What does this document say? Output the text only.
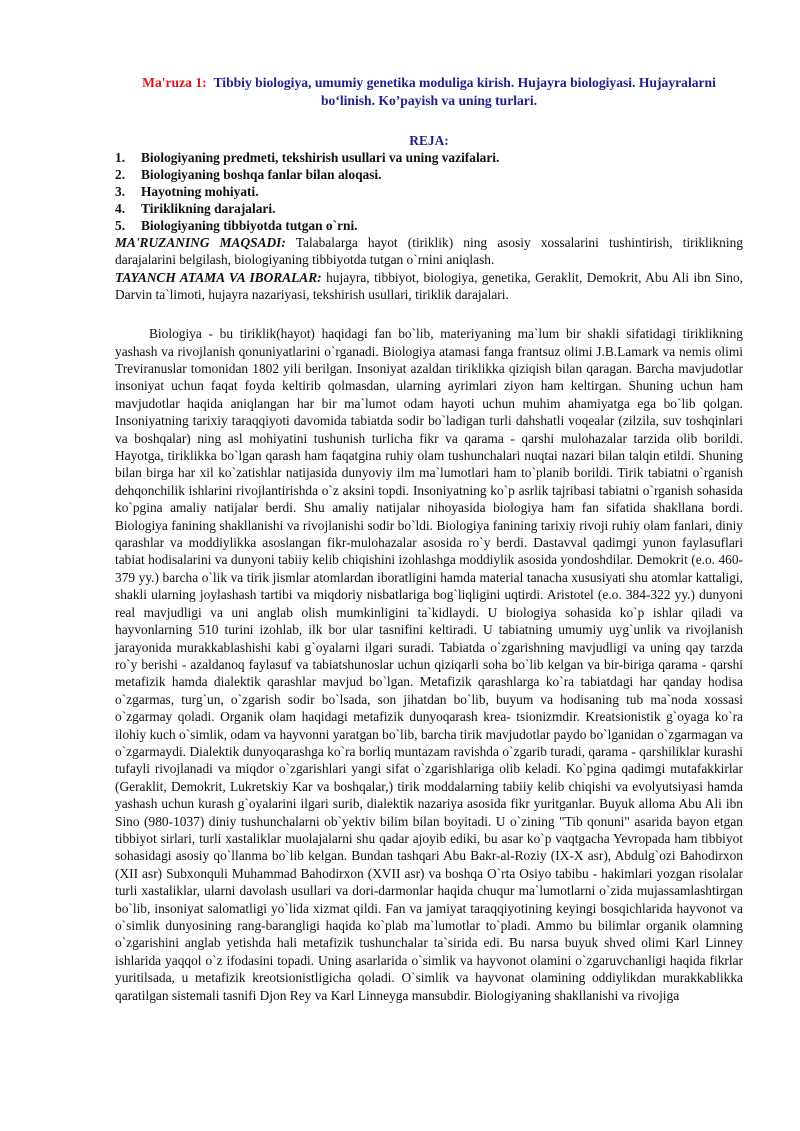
Ma'ruza 1: Tibbiy biologiya, umumiy genetika moduliga kirish. Hujayra biologiyasi. Hujayralarni bo‘linish. Ko’payish va uning turlari.

REJA:

1.	Biologiyaning predmeti, tekshirish usullari va uning vazifalari.
2.	Biologiyaning boshqa fanlar bilan aloqasi.
3.	Hayotning mohiyati.
4.	Tiriklikning darajalari.
5.	Biologiyaning tibbiyotda tutgan o`rni.

MA'RUZANING MAQSADI: Talabalarga hayot (tiriklik) ning asosiy xossalarini tushintirish, tiriklikning darajalarini belgilash, biologiyaning tibbiyotda tutgan o`rnini aniqlash.

TAYANCH ATAMA VA IBORALAR: hujayra, tibbiyot, biologiya, genetika, Geraklit, Demokrit, Abu Ali ibn Sino, Darvin ta`limoti, hujayra nazariyasi, tekshirish usullari, tiriklik darajalari.

Biologiya - bu tiriklik(hayot) haqidagi fan bo`lib, materiyaning ma`lum bir shakli sifatidagi tiriklikning yashash va rivojlanish qonuniyatlarini o`rganadi. Biologiya atamasi fanga frantsuz olimi J.B.Lamark va nemis olimi Treviranuslar tomonidan 1802 yili berilgan. Insoniyat azaldan tiriklikka qiziqish bilan qaragan. Barcha mavjudotlar insoniyat uchun faqat foyda keltirib qolmasdan, ularning ayrimlari ziyon ham keltirgan. Shuning uchun ham mavjudotlar haqida aniqlangan har bir ma`lumot odam hayoti uchun muhim ahamiyatga ega bo`lib qolgan. Insoniyatning tarixiy taraqqiyoti davomida tabiatda sodir bo`ladigan turli dahshatli voqealar (zilzila, suv toshqinlari va boshqalar) ning asl mohiyatini tushunish turlicha fikr va qarama - qarshi mulohazalar tarzida olib borildi. Hayotga, tiriklikka bo`lgan qarash ham faqatgina ruhiy olam tushunchalari nuqtai nazari bilan talqin etildi. Shuning bilan birga har xil ko`zatishlar natijasida dunyoviy ilm ma`lumotlari ham to`planib borildi. Tirik tabiatni o`rganish dehqonchilik ishlarini rivojlantirishda o`z aksini topdi. Insoniyatning ko`p asrlik tajribasi tabiatni o`rganish sohasida ko`pgina amaliy natijalar berdi. Shu amaliy natijalar nihoyasida biologiya ham fan sifatida shakllana bordi. Biologiya fanining shakllanishi va rivojlanishi sodir bo`ldi. Biologiya fanining tarixiy rivoji ruhiy olam fanlari, diniy qarashlar va moddiylikka asoslangan fikr-mulohazalar asosida ro`y berdi. Dastavval qadimgi yunon faylasuflari tabiat hodisalarini va dunyoni tabiiy kelib chiqishini izohlashga moddiylik asosida yondoshdilar. Demokrit (e.o. 460-379 yy.) barcha o`lik va tirik jismlar atomlardan iboratligini hamda material tanacha xususiyati shu atomlar kattaligi, shakli ularning joylashash tartibi va miqdoriy nisbatlariga bog`liqligini uqtirdi. Aristotel (e.o. 384-322 yy.) dunyoni real mavjudligi va uni anglab olish mumkinligini ta`kidlaydi. U biologiya sohasida ko`p ishlar qiladi va hayvonlarning 510 turini izohlab, ilk bor ular tasnifini keltiradi. U tabiatning umumiy uyg`unlik va rivojlanish jarayonida murakkablashishi kabi g`oyalarni ilgari suradi. Tabiatda o`zgarishning mavjudligi va uning qay tarzda ro`y berishi - azaldanoq faylasuf va tabiatshunoslar uchun qiziqarli soha bo`lib kelgan va bir-biriga qarama - qarshi metafizik hamda dialektik qarashlar mavjud bo`lgan. Metafizik qarashlarga ko`ra tabiatdagi har qanday hodisa o`zgarmas, turg`un, o`zgarish sodir bo`lsada, son jihatdan bo`lib, buyum va hodisaning tub ma`noda xossasi o`zgarmay qoladi. Organik olam haqidagi metafizik dunyoqarash krea- tsionizmdir. Kreatsionistik g`oyaga ko`ra ilohiy kuch o`simlik, odam va hayvonni yaratgan bo`lib, barcha tirik mavjudotlar paydo bo`lganidan o`zgarmagan va o`zgarmaydi. Dialektik dunyoqarashga ko`ra borliq muntazam ravishda o`zgarib turadi, qarama - qarshiliklar kurashi tufayli rivojlanadi va miqdor o`zgarishlari yangi sifat o`zgarishlariga olib keladi. Ko`pgina qadimgi mutafakkirlar (Geraklit, Demokrit, Lukretskiy Kar va boshqalar,) tirik moddalarning tabiiy kelib chiqishi va evolyutsiyasi hamda yashash uchun kurash g`oyalarini ilgari surib, dialektik nazariya asosida fikr yuritganlar. Buyuk alloma Abu Ali ibn Sino (980-1037) diniy tushunchalarni ob`yektiv bilim bilan boyitadi. U o`zining "Tib qonuni" asarida bayon etgan tibbiyot sirlari, turli xastaliklar muolajalarni shu qadar ajoyib ediki, bu asar ko`p vaqtgacha Yevropada ham tibbiyot sohasidagi asosiy qo`llanma bo`lib kelgan. Bundan tashqari Abu Bakr-al-Roziy (IX-X asr), Abdulg`ozi Bahodirxon (XII asr) Subxonquli Muhammad Bahodirxon (XVII asr) va boshqa O`rta Osiyo tabibu - hakimlari yozgan risolalar turli xastaliklar, ularni davolash usullari va dori-darmonlar haqida chuqur ma`lumotlarni o`zida mujassamlashtirgan bo`lib, insoniyat salomatligi yo`lida xizmat qildi. Fan va jamiyat taraqqiyotining keyingi bosqichlarida hayvonot va o`simlik dunyosining rang-barangligi haqida ko`plab ma`lumotlar to`pladi. Ammo bu bilimlar organik olamning o`zgarishini anglab yetishda hali metafizik tushunchalar ta`sirida edi. Bu narsa buyuk shved olimi Karl Linney ishlarida yaqqol o`z ifodasini topadi. Uning asarlarida o`simlik va hayvonot olamini o`zgaruvchanligi haqida fikrlar yuritilsada, u metafizik kreotsionistligicha qoladi. O`simlik va hayvonat olamining oddiylikdan murakkablikka qaratilgan sistemali tasnifi Djon Rey va Karl Linneyga mansubdir. Biologiyaning shakllanishi va rivojiga
